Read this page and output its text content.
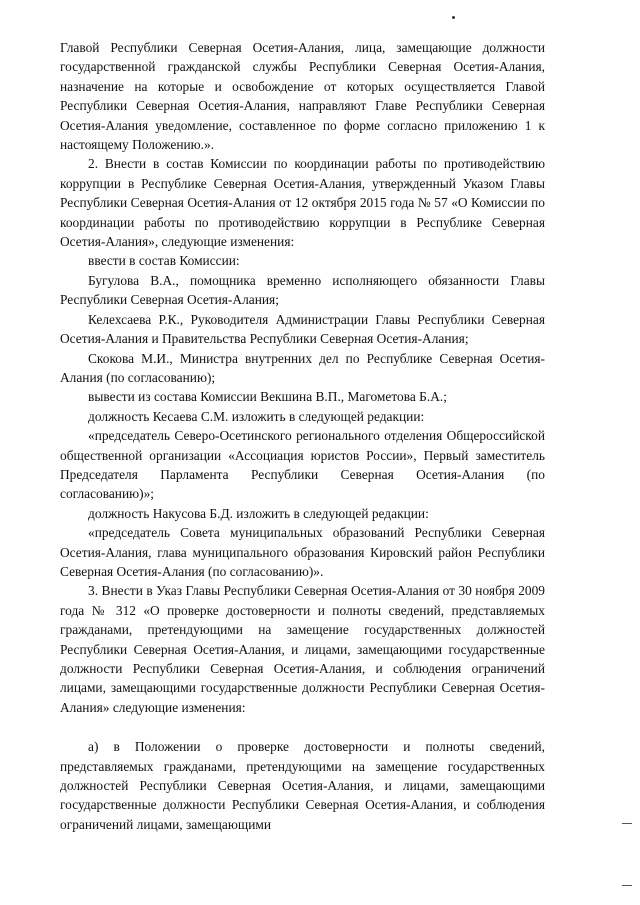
Главой Республики Северная Осетия-Алания, лица, замещающие должности государственной гражданской службы Республики Северная Осетия-Алания, назначение на которые и освобождение от которых осуществляется Главой Республики Северная Осетия-Алания, направляют Главе Республики Северная Осетия-Алания уведомление, составленное по форме согласно приложению 1 к настоящему Положению.».

2. Внести в состав Комиссии по координации работы по противодействию коррупции в Республике Северная Осетия-Алания, утвержденный Указом Главы Республики Северная Осетия-Алания от 12 октября 2015 года № 57 «О Комиссии по координации работы по противодействию коррупции в Республике Северная Осетия-Алания», следующие изменения:

ввести в состав Комиссии:

Бугулова В.А., помощника временно исполняющего обязанности Главы Республики Северная Осетия-Алания;

Келехсаева Р.К., Руководителя Администрации Главы Республики Северная Осетия-Алания и Правительства Республики Северная Осетия-Алания;

Скокова М.И., Министра внутренних дел по Республике Северная Осетия-Алания (по согласованию);

вывести из состава Комиссии Векшина В.П., Магометова Б.А.;

должность Кесаева С.М. изложить в следующей редакции:

«председатель Северо-Осетинского регионального отделения Общероссийской общественной организации «Ассоциация юристов России», Первый заместитель Председателя Парламента Республики Северная Осетия-Алания (по согласованию)»;

должность Накусова Б.Д. изложить в следующей редакции:

«председатель Совета муниципальных образований Республики Северная Осетия-Алания, глава муниципального образования Кировский район Республики Северная Осетия-Алания (по согласованию)».

3. Внести в Указ Главы Республики Северная Осетия-Алания от 30 ноября 2009 года № 312 «О проверке достоверности и полноты сведений, представляемых гражданами, претендующими на замещение государственных должностей Республики Северная Осетия-Алания, и лицами, замещающими государственные должности Республики Северная Осетия-Алания, и соблюдения ограничений лицами, замещающими государственные должности Республики Северная Осетия-Алания» следующие изменения:

а) в Положении о проверке достоверности и полноты сведений, представляемых гражданами, претендующими на замещение государственных должностей Республики Северная Осетия-Алания, и лицами, замещающими государственные должности Республики Северная Осетия-Алания, и соблюдения ограничений лицами, замещающими
